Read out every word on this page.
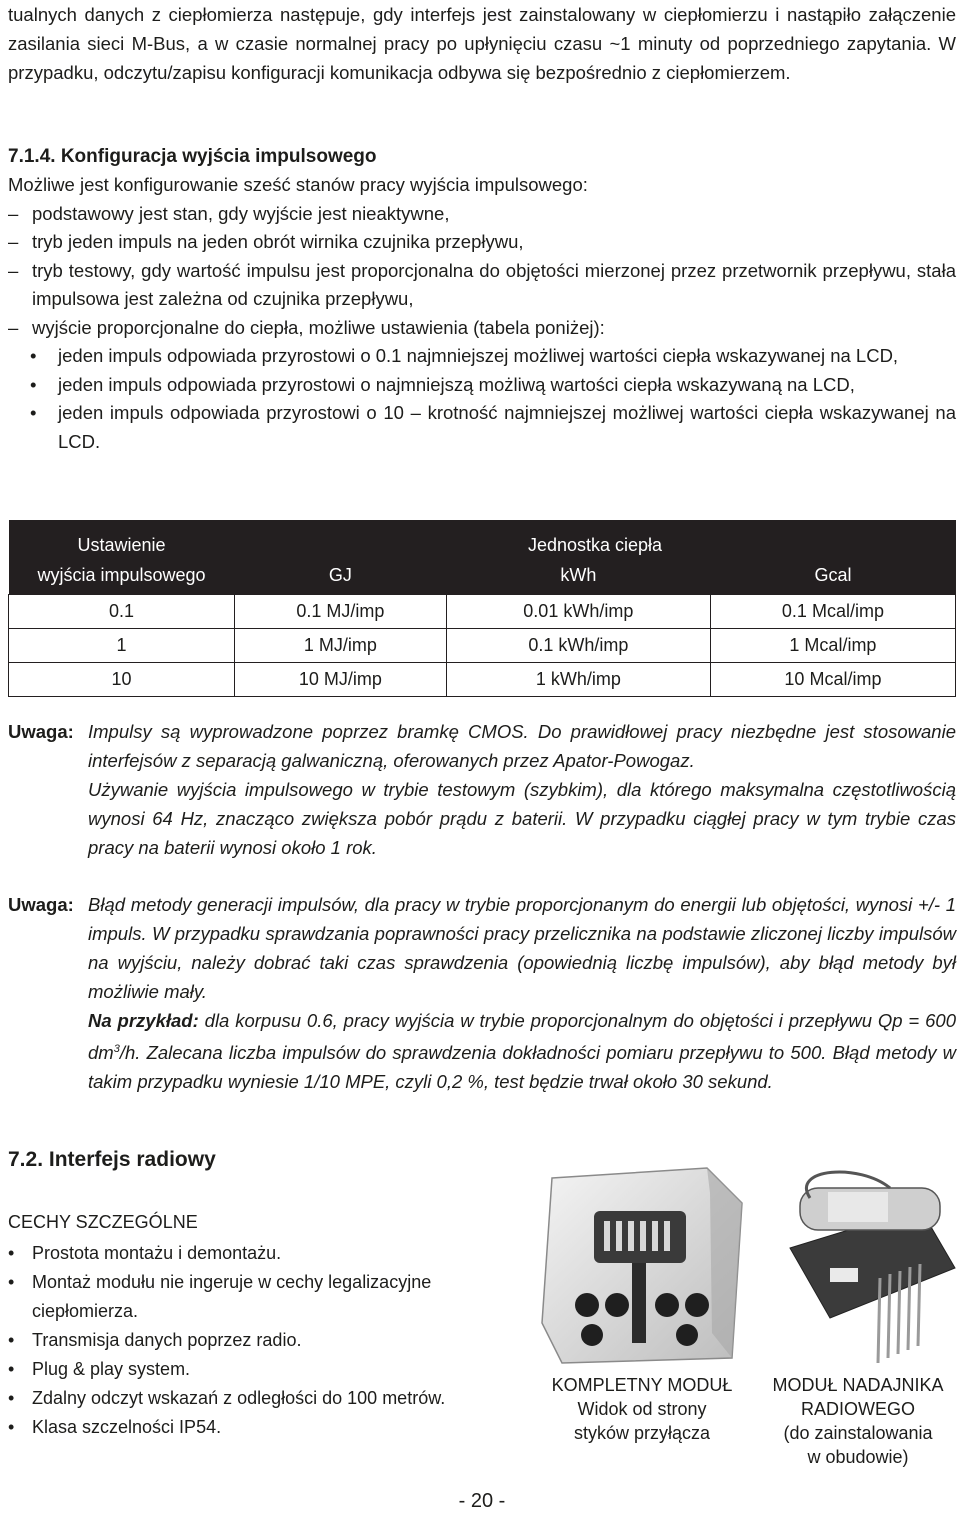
tualnych danych z ciepłomierza następuje, gdy interfejs jest zainstalowany w ciepłomierzu i nastąpiło załączenie zasilania sieci M-Bus, a w czasie normalnej pracy po upłynięciu czasu ~1 minuty od poprzedniego zapytania. W przypadku, odczytu/zapisu konfiguracji komunikacja odbywa się bezpośrednio z ciepłomierzem.

7.1.4. Konfiguracja wyjścia impulsowego
Możliwe jest konfigurowanie sześć stanów pracy wyjścia impulsowego:
– podstawowy jest stan, gdy wyjście jest nieaktywne,
– tryb jeden impuls na jeden obrót wirnika czujnika przepływu,
– tryb testowy, gdy wartość impulsu jest proporcjonalna do objętości mierzonej przez przetwornik przepływu, stała impulsowa jest zależna od czujnika przepływu,
– wyjście proporcjonalne do ciepła, możliwe ustawienia (tabela poniżej):
• jeden impuls odpowiada przyrostowi o 0.1 najmniejszej możliwej wartości ciepła wskazywanej na LCD,
• jeden impuls odpowiada przyrostowi o najmniejszą możliwą wartości ciepła wskazywaną na LCD,
• jeden impuls odpowiada przyrostowi o 10 – krotność najmniejszej możliwej wartości ciepła wskazywanej na LCD.
Ustawienie	Jednostka ciepła		
wyjścia impulsowego	GJ	kWh	Gcal
0.1	0.1 MJ/imp	0.01 kWh/imp	0.1 Mcal/imp
1	1 MJ/imp	0.1 kWh/imp	1 Mcal/imp
10	10 MJ/imp	1 kWh/imp	10 Mcal/imp
Uwaga: Impulsy są wyprowadzone poprzez bramkę CMOS. Do prawidłowej pracy niezbędne jest stosowanie interfejsów z separacją galwaniczną, oferowanych przez Apator-Powogaz.
Używanie wyjścia impulsowego w trybie testowym (szybkim), dla którego maksymalna częstotliwością wynosi 64 Hz, znacząco zwiększa pobór prądu z baterii. W przypadku ciągłej pracy w tym trybie czas pracy na baterii wynosi około 1 rok.
Uwaga: Błąd metody generacji impulsów, dla pracy w trybie proporcjonanym do energii lub objętości, wynosi +/- 1 impuls. W przypadku sprawdzania poprawności pracy przelicznika na podstawie zliczonej liczby impulsów na wyjściu, należy dobrać taki czas sprawdzenia (opowiednią liczbę impulsów), aby błąd metody był możliwie mały.
Na przykład: dla korpusu 0.6, pracy wyjścia w trybie proporcjonalnym do objętości i przepływu Qp = 600 $dm^3/h$. Zalecana liczba impulsów do sprawdzenia dokładności pomiaru przepływu to 500. Błąd metody w takim przypadku wyniesie 1/10 MPE, czyli 0,2 %, test będzie trwał około 30 sekund.
7.2. Interfejs radiowy
CECHY SZCZEGÓLNE
• Prostota montażu i demontażu.
• Montaż modułu nie ingeruje w cechy legalizacyjne ciepłomierza.
• Transmisja danych poprzez radio.
• Plug & play system.
• Zdalny odczyt wskazań z odległości do 100 metrów.
• Klasa szczelności IP54.
KOMPLETNY MODUŁ
Widok od strony
styków przyłącza
MODUŁ NADAJNIKA
RADIOWEGO
(do zainstalowania
w obudowie)
- 20 -
